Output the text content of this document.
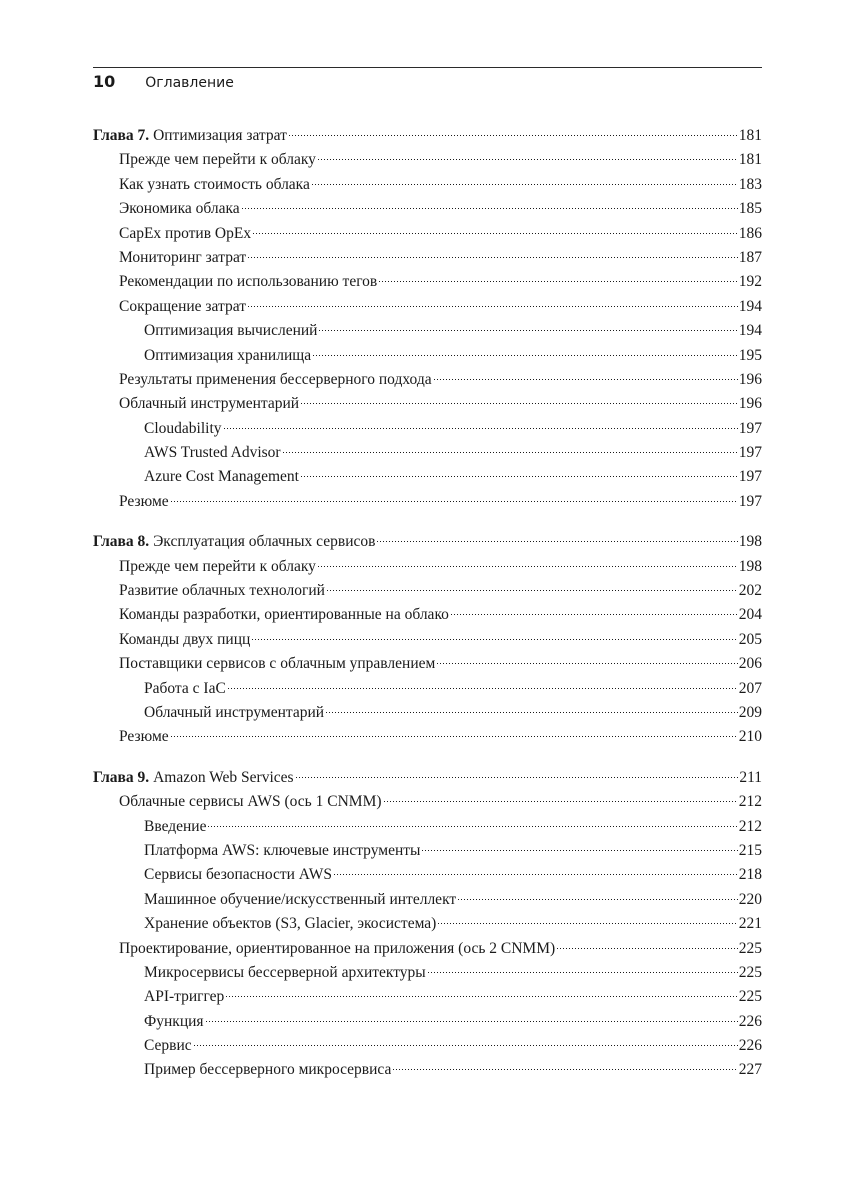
10 Оглавление
Глава 7. Оптимизация затрат	181
Прежде чем перейти к облаку	181
Как узнать стоимость облака	183
Экономика облака	185
CapEx против OpEx	186
Мониторинг затрат	187
Рекомендации по использованию тегов	192
Сокращение затрат	194
Оптимизация вычислений	194
Оптимизация хранилища	195
Результаты применения бессерверного подхода	196
Облачный инструментарий	196
Cloudability	197
AWS Trusted Advisor	197
Azure Cost Management	197
Резюме	197
Глава 8. Эксплуатация облачных сервисов	198
Прежде чем перейти к облаку	198
Развитие облачных технологий	202
Команды разработки, ориентированные на облако	204
Команды двух пицц	205
Поставщики сервисов с облачным управлением	206
Работа с IaC	207
Облачный инструментарий	209
Резюме	210
Глава 9. Amazon Web Services	211
Облачные сервисы AWS (ось 1 CNMM)	212
Введение	212
Платформа AWS: ключевые инструменты	215
Сервисы безопасности AWS	218
Машинное обучение/искусственный интеллект	220
Хранение объектов (S3, Glacier, экосистема)	221
Проектирование, ориентированное на приложения (ось 2 CNMM)	225
Микросервисы бессерверной архитектуры	225
API-триггер	225
Функция	226
Сервис	226
Пример бессерверного микросервиса	227
